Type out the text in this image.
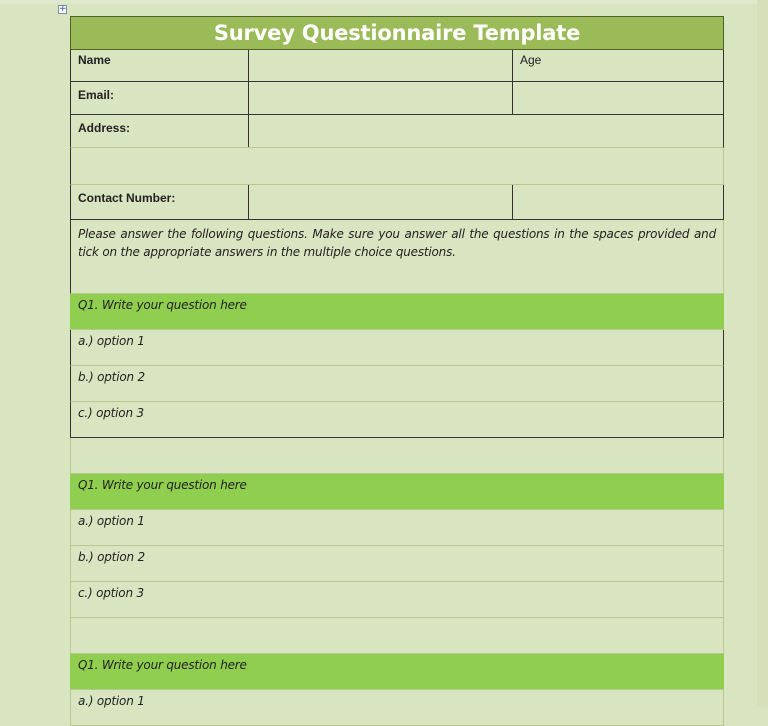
+
Survey Questionnaire Template
Name	Age
Email:
Address:
Contact Number:
Please answer the following questions. Make sure you answer all the questions in the spaces provided and tick on the appropriate answers in the multiple choice questions.
Q1. Write your question here
a.) option 1
b.) option 2
c.) option 3
Q1. Write your question here
a.) option 1
b.) option 2
c.) option 3
Q1. Write your question here
a.) option 1
